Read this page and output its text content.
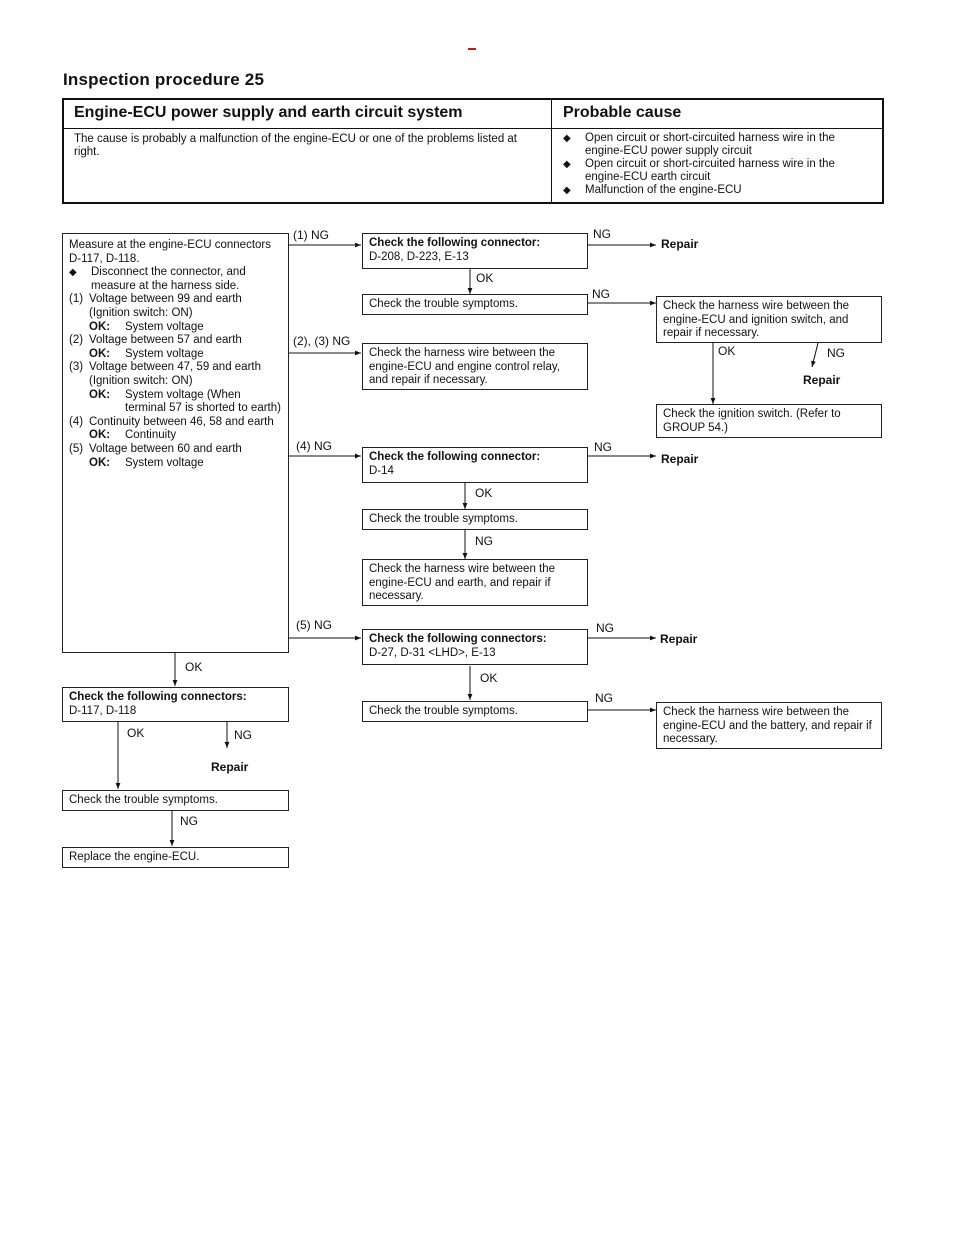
Inspection procedure 25
Engine-ECU power supply and earth circuit system	Probable cause
The cause is probably a malfunction of the engine-ECU or one of the problems listed at right.
◆ Open circuit or short-circuited harness wire in the engine-ECU power supply circuit
◆ Open circuit or short-circuited harness wire in the engine-ECU earth circuit
◆ Malfunction of the engine-ECU
Measure at the engine-ECU connectors
D-117, D-118.
◆ Disconnect the connector, and measure at the harness side.
(1) Voltage between 99 and earth (Ignition switch: ON)
OK:	System voltage
(2) Voltage between 57 and earth
OK:	System voltage
(3) Voltage between 47, 59 and earth (Ignition switch: ON)
OK:	System voltage (When terminal 57 is shorted to earth)
(4) Continuity between 46, 58 and earth
OK:	Continuity
(5) Voltage between 60 and earth
OK:	System voltage
(1) NG
(2), (3) NG
(4) NG
(5) NG
Check the following connector:
D-208, D-223, E-13
OK
Check the trouble symptoms.
Check the harness wire between the engine-ECU and engine control relay, and repair if necessary.
Check the following connector:
D-14
OK
Check the trouble symptoms.
NG
Check the harness wire between the engine-ECU and earth, and repair if necessary.
Check the following connectors:
D-27, D-31 <LHD>, E-13
OK
Check the trouble symptoms.
NG
NG
NG
NG
NG
Repair
Check the harness wire between the engine-ECU and ignition switch, and repair if necessary.
OK	NG
Repair
Check the ignition switch. (Refer to GROUP 54.)
Repair
Repair
Check the harness wire between the engine-ECU and the battery, and repair if necessary.
OK
Check the following connectors:
D-117, D-118
OK	NG
Repair
Check the trouble symptoms.
NG
Replace the engine-ECU.
